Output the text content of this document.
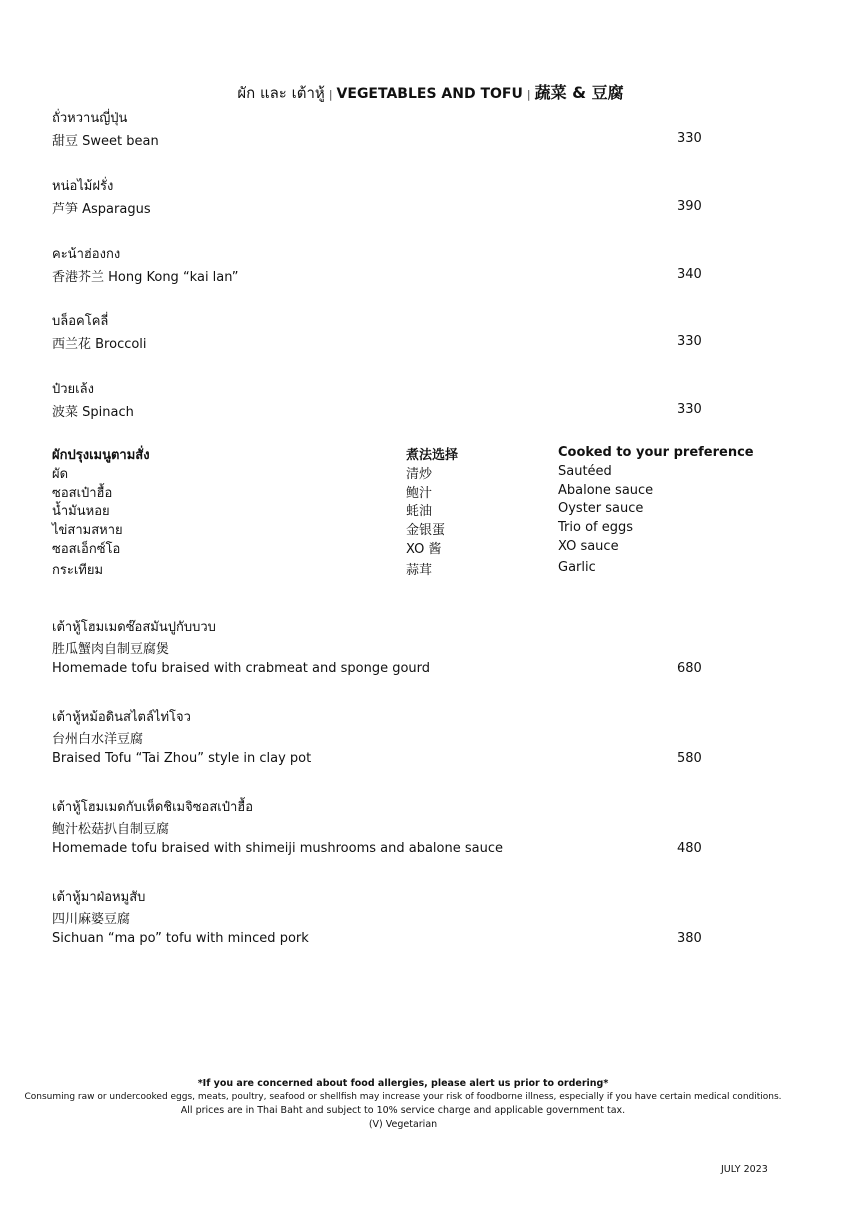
ผัก และ เต้าหู้ | VEGETABLES AND TOFU | 蔬菜 & 豆腐
ถั่วหวานญี่ปุ่น
甜豆 Sweet bean	330
หน่อไม้ฝรั่ง
芦笋 Asparagus	390
คะน้าฮ่องกง
香港芥兰 Hong Kong “kai lan”	340
บล็อคโคลี่
西兰花 Broccoli	330
ป๋วยเล้ง
波菜 Spinach	330
ผักปรุงเมนูตามสั่ง	煮法选择	Cooked to your preference
ผัด	清炒	Sautéed
ซอสเป๋าฮื้อ	鲍汁	Abalone sauce
น้ำมันหอย	蚝油	Oyster sauce
ไข่สามสหาย	金银蛋	Trio of eggs
ซอสเอ็กซ์โอ	XO 酱	XO sauce
กระเทียม	蒜茸	Garlic
เต้าหู้โฮมเมดซ๊อสมันปูกับบวบ
胜瓜蟹肉自制豆腐煲
Homemade tofu braised with crabmeat and sponge gourd	680
เต้าหู้หม้อดินสไตล์ไท่โจว
台州白水洋豆腐
Braised Tofu “Tai Zhou” style in clay pot	580
เต้าหู้โฮมเมดกับเห็ดชิเมจิซอสเป๋าฮื้อ
鲍汁松菇扒自制豆腐
Homemade tofu braised with shimeiji mushrooms and abalone sauce	480
เต้าหู้มาฝ่อหมูสับ
四川麻婆豆腐
Sichuan “ma po” tofu with minced pork	380
*If you are concerned about food allergies, please alert us prior to ordering*
Consuming raw or undercooked eggs, meats, poultry, seafood or shellfish may increase your risk of foodborne illness, especially if you have certain medical conditions.
All prices are in Thai Baht and subject to 10% service charge and applicable government tax.
(V) Vegetarian
JULY 2023
